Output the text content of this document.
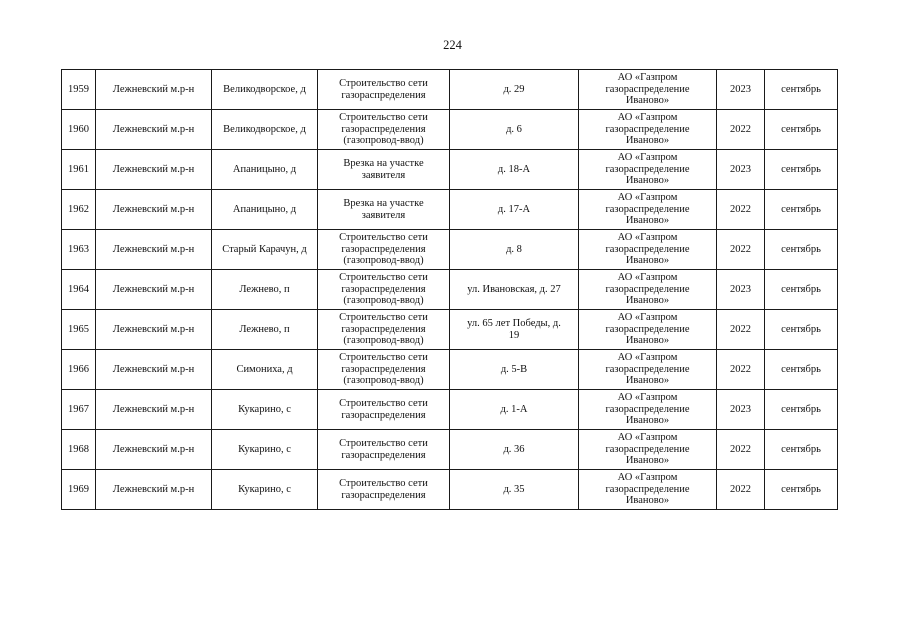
224
1959	Лежневский м.р-н	Великодворское, д	Строительство сети
газораспределения	д. 29	АО «Газпром
газораспределение
Иваново»	2023	сентябрь
1960	Лежневский м.р-н	Великодворское, д	Строительство сети
газораспределения
(газопровод-ввод)	д. 6	АО «Газпром
газораспределение
Иваново»	2022	сентябрь
1961	Лежневский м.р-н	Апаницыно, д	Врезка на участке
заявителя	д. 18-А	АО «Газпром
газораспределение
Иваново»	2023	сентябрь
1962	Лежневский м.р-н	Апаницыно, д	Врезка на участке
заявителя	д. 17-А	АО «Газпром
газораспределение
Иваново»	2022	сентябрь
1963	Лежневский м.р-н	Старый Карачун, д	Строительство сети
газораспределения
(газопровод-ввод)	д. 8	АО «Газпром
газораспределение
Иваново»	2022	сентябрь
1964	Лежневский м.р-н	Лежнево, п	Строительство сети
газораспределения
(газопровод-ввод)	ул. Ивановская, д. 27	АО «Газпром
газораспределение
Иваново»	2023	сентябрь
1965	Лежневский м.р-н	Лежнево, п	Строительство сети
газораспределения
(газопровод-ввод)	ул. 65 лет Победы, д.
19	АО «Газпром
газораспределение
Иваново»	2022	сентябрь
1966	Лежневский м.р-н	Симониха, д	Строительство сети
газораспределения
(газопровод-ввод)	д. 5-В	АО «Газпром
газораспределение
Иваново»	2022	сентябрь
1967	Лежневский м.р-н	Кукарино, с	Строительство сети
газораспределения	д. 1-А	АО «Газпром
газораспределение
Иваново»	2023	сентябрь
1968	Лежневский м.р-н	Кукарино, с	Строительство сети
газораспределения	д. 36	АО «Газпром
газораспределение
Иваново»	2022	сентябрь
1969	Лежневский м.р-н	Кукарино, с	Строительство сети
газораспределения	д. 35	АО «Газпром
газораспределение
Иваново»	2022	сентябрь
